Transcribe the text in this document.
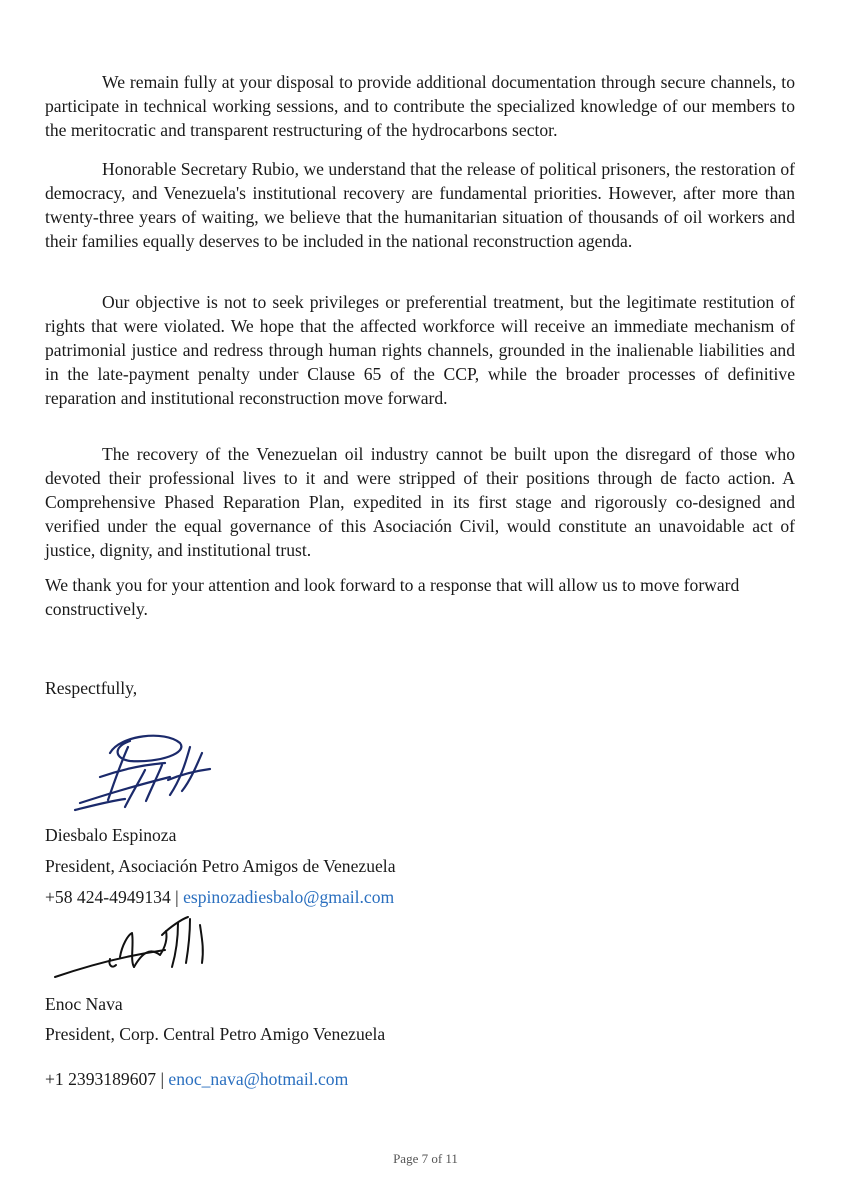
We remain fully at your disposal to provide additional documentation through secure channels, to participate in technical working sessions, and to contribute the specialized knowledge of our members to the meritocratic and transparent restructuring of the hydrocarbons sector.

Honorable Secretary Rubio, we understand that the release of political prisoners, the restoration of democracy, and Venezuela's institutional recovery are fundamental priorities. However, after more than twenty-three years of waiting, we believe that the humanitarian situation of thousands of oil workers and their families equally deserves to be included in the national reconstruction agenda.

Our objective is not to seek privileges or preferential treatment, but the legitimate restitution of rights that were violated. We hope that the affected workforce will receive an immediate mechanism of patrimonial justice and redress through human rights channels, grounded in the inalienable liabilities and in the late-payment penalty under Clause 65 of the CCP, while the broader processes of definitive reparation and institutional reconstruction move forward.

The recovery of the Venezuelan oil industry cannot be built upon the disregard of those who devoted their professional lives to it and were stripped of their positions through de facto action. A Comprehensive Phased Reparation Plan, expedited in its first stage and rigorously co-designed and verified under the equal governance of this Asociación Civil, would constitute an unavoidable act of justice, dignity, and institutional trust.

We thank you for your attention and look forward to a response that will allow us to move forward constructively.

Respectfully,

Diesbalo Espinoza

President, Asociación Petro Amigos de Venezuela

+58 424-4949134 | espinozadiesbalo@gmail.com

Enoc Nava

President, Corp. Central Petro Amigo Venezuela

+1 2393189607 | enoc_nava@hotmail.com

Page 7 of 11
